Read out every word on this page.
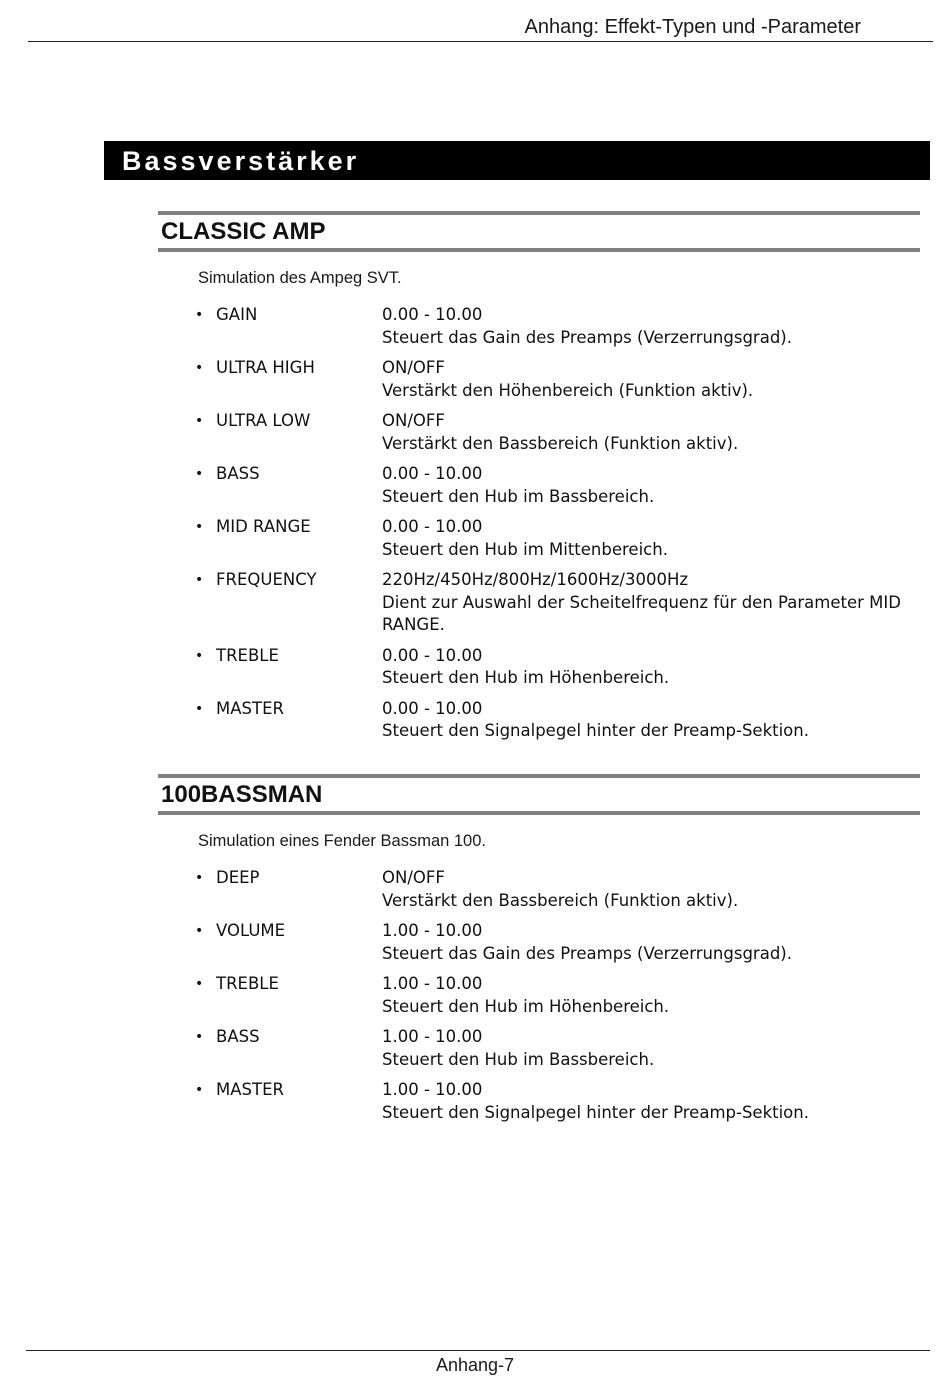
Anhang: Effekt-Typen und -Parameter
Bassverstärker
CLASSIC AMP
Simulation des Ampeg SVT.
• GAIN	0.00 - 10.00
Steuert das Gain des Preamps (Verzerrungsgrad).
• ULTRA HIGH	ON/OFF
Verstärkt den Höhenbereich (Funktion aktiv).
• ULTRA LOW	ON/OFF
Verstärkt den Bassbereich (Funktion aktiv).
• BASS	0.00 - 10.00
Steuert den Hub im Bassbereich.
• MID RANGE	0.00 - 10.00
Steuert den Hub im Mittenbereich.
• FREQUENCY	220Hz/450Hz/800Hz/1600Hz/3000Hz
Dient zur Auswahl der Scheitelfrequenz für den Parameter MID RANGE.
• TREBLE	0.00 - 10.00
Steuert den Hub im Höhenbereich.
• MASTER	0.00 - 10.00
Steuert den Signalpegel hinter der Preamp-Sektion.
100BASSMAN
Simulation eines Fender Bassman 100.
• DEEP	ON/OFF
Verstärkt den Bassbereich (Funktion aktiv).
• VOLUME	1.00 - 10.00
Steuert das Gain des Preamps (Verzerrungsgrad).
• TREBLE	1.00 - 10.00
Steuert den Hub im Höhenbereich.
• BASS	1.00 - 10.00
Steuert den Hub im Bassbereich.
• MASTER	1.00 - 10.00
Steuert den Signalpegel hinter der Preamp-Sektion.
Anhang-7
